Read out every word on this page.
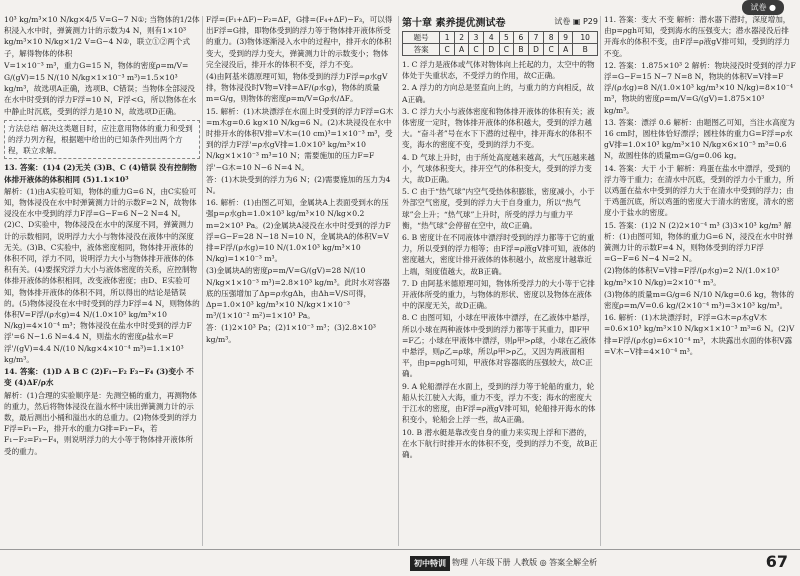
试卷 ●

10³ kg/m³×10 N/kg×4/5 V=G−7 N①; 当物体的1/2体积浸入水中时，弹簧测力计的示数为4 N，则有1×10³ kg/m³×10 N/kg×1/2 V=G−4 N②，联立①②两个式子，解得物体的体积

V=1×10⁻³ m³，重力G=15 N，物体的密度ρ=m/V=

G/(gV)=15 N/(10 N/kg×1×10⁻³ m³)=1.5×10³ kg/m³，故选项A正确，选项B、C错误；当物体全部浸没在水中时受到的浮力F浮=10 N，F浮<G，所以物体在水中静止时沉底，受到的浮力是10 N，故选项D正确。

方法总结 解决这类题目时，应注意用物体的重力和受到的浮力列方程，根据题中给出的已知条件列出两个方程，联立求解。

13. 答案：(1)4 (2)无关 (3)B、C (4)错误 没有控制物体排开液体的体积相同 (5)1.1×10³

解析：(1)由A实验可知，物体的重力G=6 N，由C实验可知，物体浸没在水中时弹簧测力计的示数F=2 N，故物体浸没在水中受到的浮力F浮=G−F=6 N−2 N=4 N。(2)C、D实验中，物体浸没在水中的深度不同，弹簧测力计的示数相同，说明浮力大小与物体浸没在液体中的深度无关。(3)B、C实验中，液体密度相同，物体排开液体的体积不同，浮力不同，说明浮力大小与物体排开液体的体积有关。(4)要探究浮力大小与液体密度的关系，应控制物体排开液体的体积相同，改变液体密度；由D、E实验可知，物体排开液体的体积不同，所以得出的结论是错误的。(5)物体浸没在水中时受到的浮力F浮=4 N，则物体的体积V=F浮/(ρ水g)=4 N/(1.0×10³ kg/m³×10 N/kg)=4×10⁻⁴ m³；物体浸没在盐水中时受到的浮力F浮'=6 N−1.6 N=4.4 N，则盐水的密度ρ盐水=F浮'/(gV)=4.4 N/(10 N/kg×4×10⁻⁴ m³)=1.1×10³ kg/m³。

14. 答案：(1)D A B C (2)F₁−F₂ F₃−F₄ (3)变小 不变 (4)ΔF/ρ水

解析：(1)合理的实验顺序是：先测空桶的重力，再测物体的重力，然后将物体浸没在溢水杯中读出弹簧测力计的示数，最后测出小桶和溢出水的总重力。(2)物体受到的浮力F浮=F₁−F₂，排开水的重力G排=F₃−F₄，若F₁−F₂=F₃−F₄，则说明浮力的大小等于物体排开液体所受的重力。

F浮=(F₁+ΔF)−F₂=ΔF，G排=(F₄+ΔF)−F₃，可以得出F浮=G排，即物体受到的浮力等于物体排开液体所受的重力。(3)物体逐渐浸入水中的过程中，排开水的体积变大，受到的浮力变大，弹簧测力计的示数变小；物体完全浸没后，排开水的体积不变，浮力不变。

(4)由阿基米德原理可知，物体受到的浮力F浮=ρ水gV排，物体浸没时V物=V排=ΔF/(ρ水g)，物体的质量m=G/g，则物体的密度ρ=m/V=Gρ水/ΔF。

15. 解析：(1)木块漂浮在水面上时受到的浮力F浮=G木=m木g=0.6 kg×10 N/kg=6 N。(2)木块浸没在水中时排开水的体积V排=V木=(10 cm)³=1×10⁻³ m³，受到的浮力F浮'=ρ水gV排=1.0×10³ kg/m³×10 N/kg×1×10⁻³ m³=10 N；需要施加的压力F=F浮'−G木=10 N−6 N=4 N。

答：(1)木块受到的浮力为6 N；(2)需要施加的压力为4 N。

16. 解析：(1)由图乙可知，金属块A上表面受到水的压强p=ρ水gh=1.0×10³ kg/m³×10 N/kg×0.2 m=2×10³ Pa。(2)金属块A浸没在水中时受到的浮力F浮=G−F=28 N−18 N=10 N，金属块A的体积V=V排=F浮/(ρ水g)=10 N/(1.0×10³ kg/m³×10 N/kg)=1×10⁻³ m³。

(3)金属块A的密度ρ=m/V=G/(gV)=28 N/(10 N/kg×1×10⁻³ m³)=2.8×10³ kg/m³。此时水对容器底的压强增加了Δp=ρ水gΔh，由Δh=V/S可得，Δp=1.0×10³ kg/m³×10 N/kg×1×10⁻³ m³/(1×10⁻² m²)=1×10³ Pa。

答：(1)2×10³ Pa；(2)1×10⁻³ m³；(3)2.8×10³ kg/m³。

第十章 素养提优测试卷	试卷 ▣ P29
题号	1	2	3	4	5	6	7	8	9	10
答案	C	A	C	D	C	B	D	C	A	B

1. C 浮力是液体或气体对物体向上托起的力，太空中的物体处于失重状态，不受浮力的作用，故C正确。

2. A 浮力的方向总是竖直向上的，与重力的方向相反，故A正确。

3. C 浮力大小与液体密度和物体排开液体的体积有关；液体密度一定时，物体排开液体的体积越大，受到的浮力越大。“奋斗者”号在水下下潜的过程中，排开海水的体积不变，海水的密度不变，受到的浮力不变。

4. D 气球上升时，由于所处高度越来越高，大气压越来越小，气球体积变大，排开空气的体积变大，受到的浮力变大，故D正确。

5. C 由于“热气球”内空气受热体积膨胀，密度减小，小于外部空气密度，受到的浮力大于自身重力，所以“热气球”会上升；“热气球”上升时，所受的浮力与重力平衡，“热气球”会停留在空中，故C正确。

6. B 密度计在不同液体中漂浮时受到的浮力都等于它的重力，所以受到的浮力相等；由F浮=ρ液gV排可知，液体的密度越大，密度计排开液体的体积越小，故密度计越靠近上端，刻度值越大，故B正确。

7. D 由阿基米德原理可知，物体所受浮力的大小等于它排开液体所受的重力，与物体的形状、密度以及物体在液体中的深度无关，故D正确。

8. C 由图可知，小球在甲液体中漂浮，在乙液体中悬浮，所以小球在两种液体中受到的浮力都等于其重力，即F甲=F乙；小球在甲液体中漂浮，则ρ甲>ρ球，小球在乙液体中悬浮，则ρ乙=ρ球，所以ρ甲>ρ乙，又因为两液面相平，由p=ρgh可知，甲液体对容器底的压强较大，故C正确。

9. A 轮船漂浮在水面上，受到的浮力等于轮船的重力，轮船从长江驶入大海，重力不变，浮力不变；海水的密度大于江水的密度，由F浮=ρ液gV排可知，轮船排开海水的体积变小，轮船会上浮一些，故A正确。

10. B 潜水艇是靠改变自身的重力来实现上浮和下潜的，在水下航行时排开水的体积不变，受到的浮力不变，故B正确。

11. 答案：变大 不变 解析：潜水器下潜时，深度增加，由p=ρgh可知，受到海水的压强变大；潜水器浸没后排开海水的体积不变，由F浮=ρ液gV排可知，受到的浮力不变。

12. 答案：1.875×10³ 2 解析：物块浸没时受到的浮力F浮=G−F=15 N−7 N=8 N，物块的体积V=V排=F浮/(ρ水g)=8 N/(1.0×10³ kg/m³×10 N/kg)=8×10⁻⁴ m³，物块的密度ρ=m/V=G/(gV)=1.875×10³ kg/m³。

13. 答案：漂浮 0.6 解析：由题图乙可知，当注水高度为16 cm时，圆柱体恰好漂浮；圆柱体的重力G=F浮=ρ水gV排=1.0×10³ kg/m³×10 N/kg×6×10⁻⁵ m³=0.6 N，故圆柱体的质量m=G/g=0.06 kg。

14. 答案：大于 小于 解析：鸡蛋在盐水中漂浮，受到的浮力等于重力；在清水中沉底，受到的浮力小于重力，所以鸡蛋在盐水中受到的浮力大于在清水中受到的浮力；由于鸡蛋沉底，所以鸡蛋的密度大于清水的密度，清水的密度小于盐水的密度。

15. 答案：(1)2 N (2)2×10⁻⁴ m³ (3)3×10³ kg/m³ 解析：(1)由图可知，物体的重力G=6 N，浸没在水中时弹簧测力计的示数F=4 N，则物体受到的浮力F浮=G−F=6 N−4 N=2 N。

(2)物体的体积V=V排=F浮/(ρ水g)=2 N/(1.0×10³ kg/m³×10 N/kg)=2×10⁻⁴ m³。

(3)物体的质量m=G/g=6 N/10 N/kg=0.6 kg，物体的密度ρ=m/V=0.6 kg/(2×10⁻⁴ m³)=3×10³ kg/m³。

16. 解析：(1)木块漂浮时，F浮=G木=ρ木gV木=0.6×10³ kg/m³×10 N/kg×1×10⁻³ m³=6 N。(2)V排=F浮/(ρ水g)=6×10⁻⁴ m³，木块露出水面的体积V露=V木−V排=4×10⁻⁴ m³。

初中特训 物理 八年级下册 人教版 ◎ 答案全解全析	67
